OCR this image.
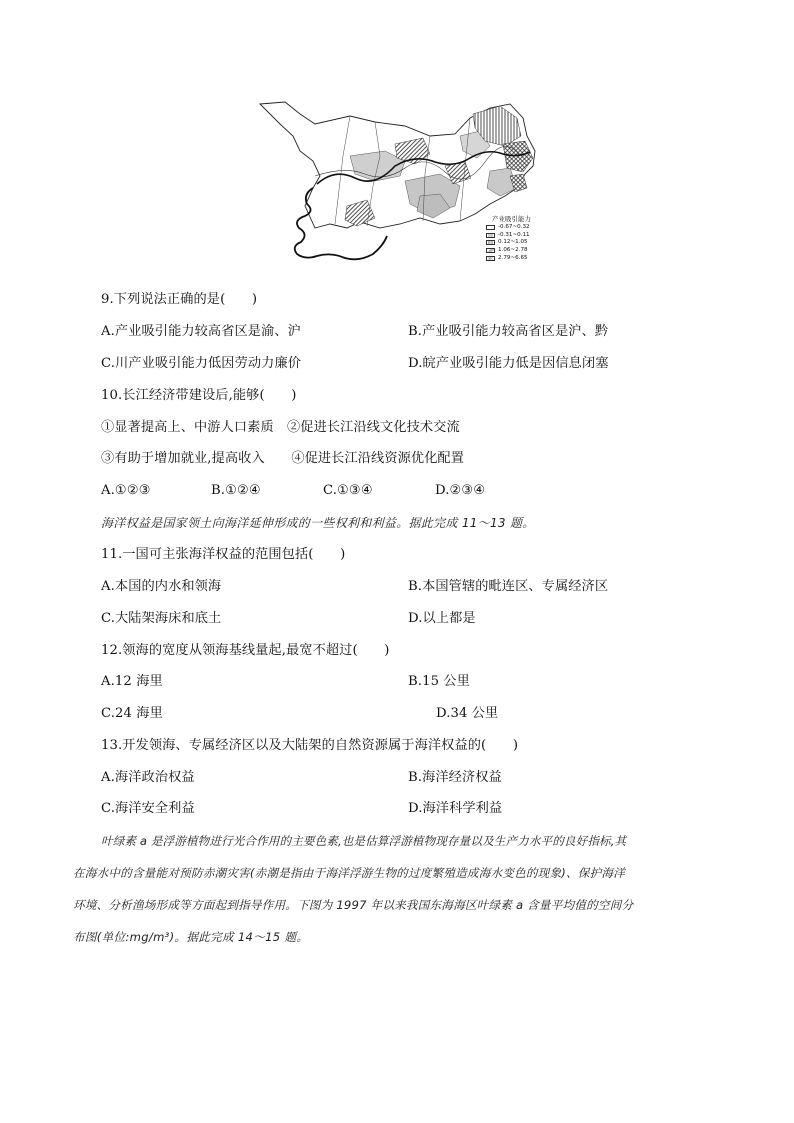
产业吸引能力
-0.67~0.32
-0.31~0.11
0.12~1.05
1.06~2.78
2.79~6.65
9.下列说法正确的是(　　)
A.产业吸引能力较高省区是渝、沪	B.产业吸引能力较高省区是沪、黔
C.川产业吸引能力低因劳动力廉价	D.皖产业吸引能力低是因信息闭塞
10.长江经济带建设后,能够(　　)
①显著提高上、中游人口素质　②促进长江沿线文化技术交流
③有助于增加就业,提高收入　　④促进长江沿线资源优化配置
A.①②③	B.①②④	C.①③④	D.②③④
海洋权益是国家领土向海洋延伸形成的一些权利和利益。据此完成 11～13 题。
11.一国可主张海洋权益的范围包括(　　)
A.本国的内水和领海	B.本国管辖的毗连区、专属经济区
C.大陆架海床和底土	D.以上都是
12.领海的宽度从领海基线量起,最宽不超过(　　)
A.12 海里	B.15 公里
C.24 海里	D.34 公里
13.开发领海、专属经济区以及大陆架的自然资源属于海洋权益的(　　)
A.海洋政治权益	B.海洋经济权益
C.海洋安全利益	D.海洋科学利益
叶绿素 a 是浮游植物进行光合作用的主要色素,也是估算浮游植物现存量以及生产力水平的良好指标,其
在海水中的含量能对预防赤潮灾害(赤潮是指由于海洋浮游生物的过度繁殖造成海水变色的现象)、保护海洋
环境、分析渔场形成等方面起到指导作用。下图为 1997 年以来我国东海海区叶绿素 a 含量平均值的空间分
布图(单位:mg/m³)。据此完成 14～15 题。
